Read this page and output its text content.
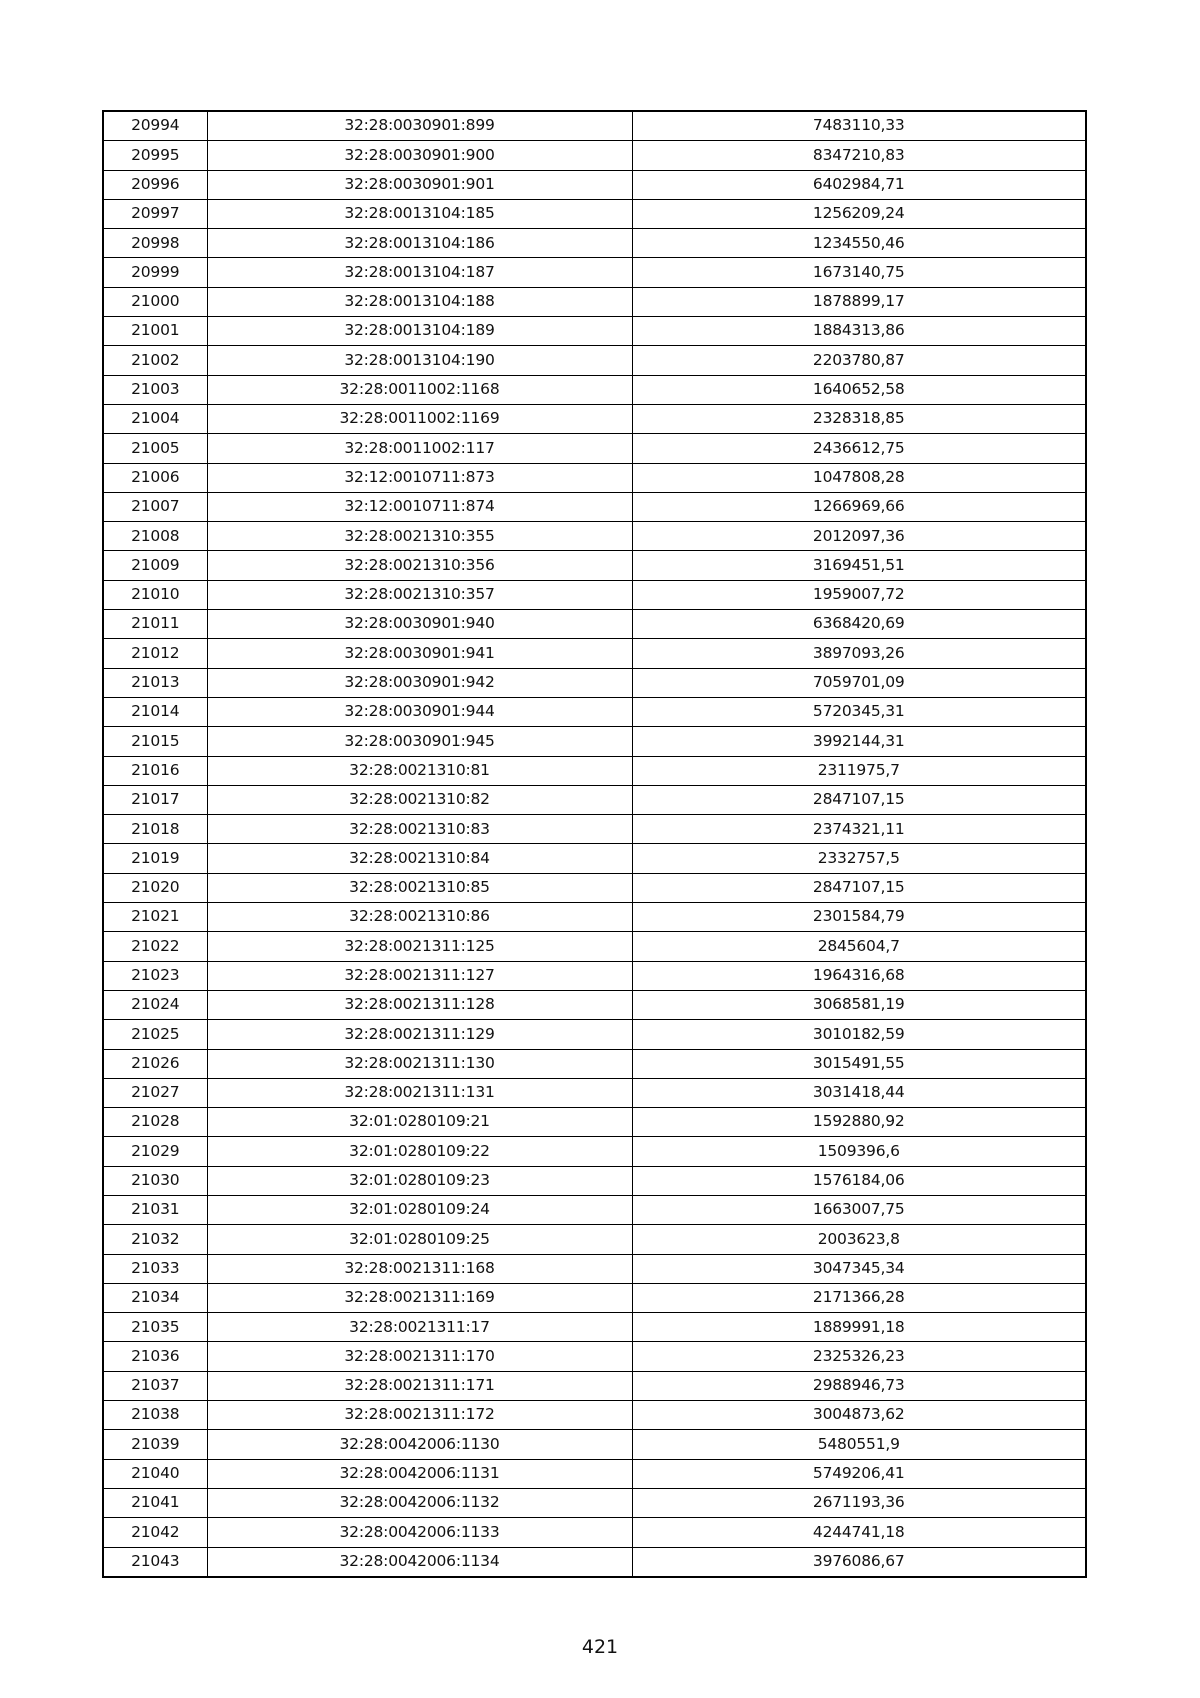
20994	32:28:0030901:899	7483110,33
20995	32:28:0030901:900	8347210,83
20996	32:28:0030901:901	6402984,71
20997	32:28:0013104:185	1256209,24
20998	32:28:0013104:186	1234550,46
20999	32:28:0013104:187	1673140,75
21000	32:28:0013104:188	1878899,17
21001	32:28:0013104:189	1884313,86
21002	32:28:0013104:190	2203780,87
21003	32:28:0011002:1168	1640652,58
21004	32:28:0011002:1169	2328318,85
21005	32:28:0011002:117	2436612,75
21006	32:12:0010711:873	1047808,28
21007	32:12:0010711:874	1266969,66
21008	32:28:0021310:355	2012097,36
21009	32:28:0021310:356	3169451,51
21010	32:28:0021310:357	1959007,72
21011	32:28:0030901:940	6368420,69
21012	32:28:0030901:941	3897093,26
21013	32:28:0030901:942	7059701,09
21014	32:28:0030901:944	5720345,31
21015	32:28:0030901:945	3992144,31
21016	32:28:0021310:81	2311975,7
21017	32:28:0021310:82	2847107,15
21018	32:28:0021310:83	2374321,11
21019	32:28:0021310:84	2332757,5
21020	32:28:0021310:85	2847107,15
21021	32:28:0021310:86	2301584,79
21022	32:28:0021311:125	2845604,7
21023	32:28:0021311:127	1964316,68
21024	32:28:0021311:128	3068581,19
21025	32:28:0021311:129	3010182,59
21026	32:28:0021311:130	3015491,55
21027	32:28:0021311:131	3031418,44
21028	32:01:0280109:21	1592880,92
21029	32:01:0280109:22	1509396,6
21030	32:01:0280109:23	1576184,06
21031	32:01:0280109:24	1663007,75
21032	32:01:0280109:25	2003623,8
21033	32:28:0021311:168	3047345,34
21034	32:28:0021311:169	2171366,28
21035	32:28:0021311:17	1889991,18
21036	32:28:0021311:170	2325326,23
21037	32:28:0021311:171	2988946,73
21038	32:28:0021311:172	3004873,62
21039	32:28:0042006:1130	5480551,9
21040	32:28:0042006:1131	5749206,41
21041	32:28:0042006:1132	2671193,36
21042	32:28:0042006:1133	4244741,18
21043	32:28:0042006:1134	3976086,67
421
